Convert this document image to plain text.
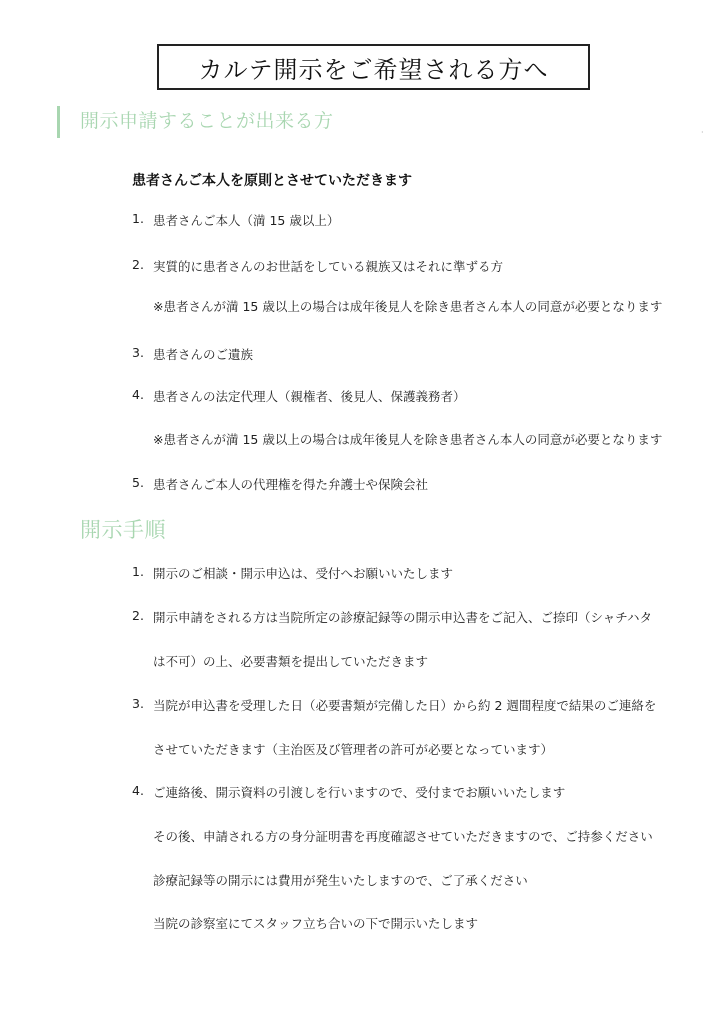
カルテ開示をご希望される方へ
開示申請することが出来る方
·
患者さんご本人を原則とさせていただきます
1. 患者さんご本人（満 15 歳以上）
2. 実質的に患者さんのお世話をしている親族又はそれに準ずる方
※患者さんが満 15 歳以上の場合は成年後見人を除き患者さん本人の同意が必要となります
3. 患者さんのご遺族
4. 患者さんの法定代理人（親権者、後見人、保護義務者）
※患者さんが満 15 歳以上の場合は成年後見人を除き患者さん本人の同意が必要となります
5. 患者さんご本人の代理権を得た弁護士や保険会社
開示手順
1. 開示のご相談・開示申込は、受付へお願いいたします
2. 開示申請をされる方は当院所定の診療記録等の開示申込書をご記入、ご捺印（シャチハタ
は不可）の上、必要書類を提出していただきます
3. 当院が申込書を受理した日（必要書類が完備した日）から約 2 週間程度で結果のご連絡を
させていただきます（主治医及び管理者の許可が必要となっています）
4. ご連絡後、開示資料の引渡しを行いますので、受付までお願いいたします
その後、申請される方の身分証明書を再度確認させていただきますので、ご持参ください
診療記録等の開示には費用が発生いたしますので、ご了承ください
当院の診察室にてスタッフ立ち合いの下で開示いたします
